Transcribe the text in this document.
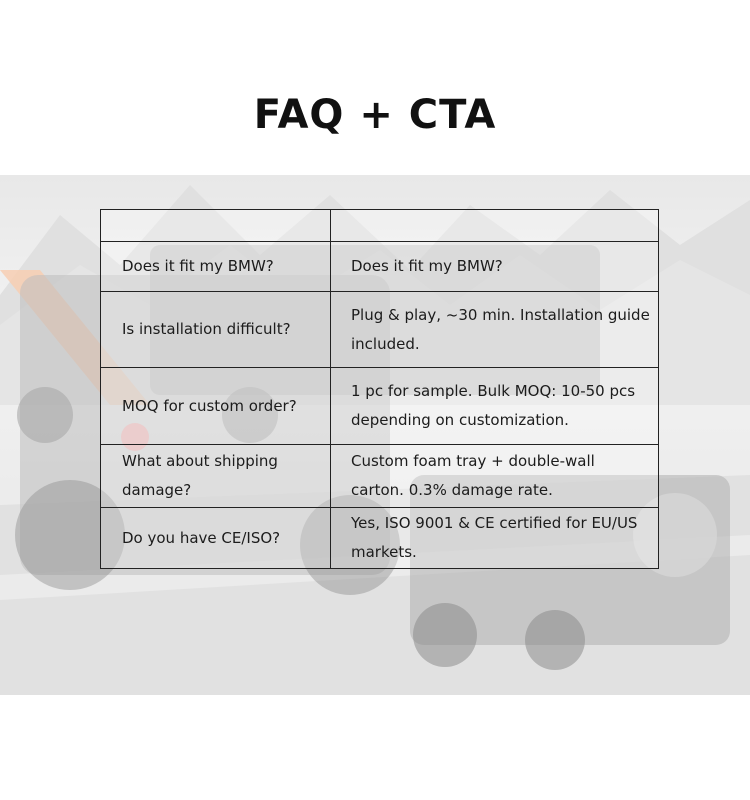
FAQ + CTA

Does it fit my BMW?	Does it fit my BMW?
Is installation difficult?	Plug & play, ~30 min. Installation guide included.
MOQ for custom order?	1 pc for sample. Bulk MOQ: 10-50 pcs depending on customization.
What about shipping damage?	Custom foam tray + double-wall carton. 0.3% damage rate.
Do you have CE/ISO?	Yes, ISO 9001 & CE certified for EU/US markets.
